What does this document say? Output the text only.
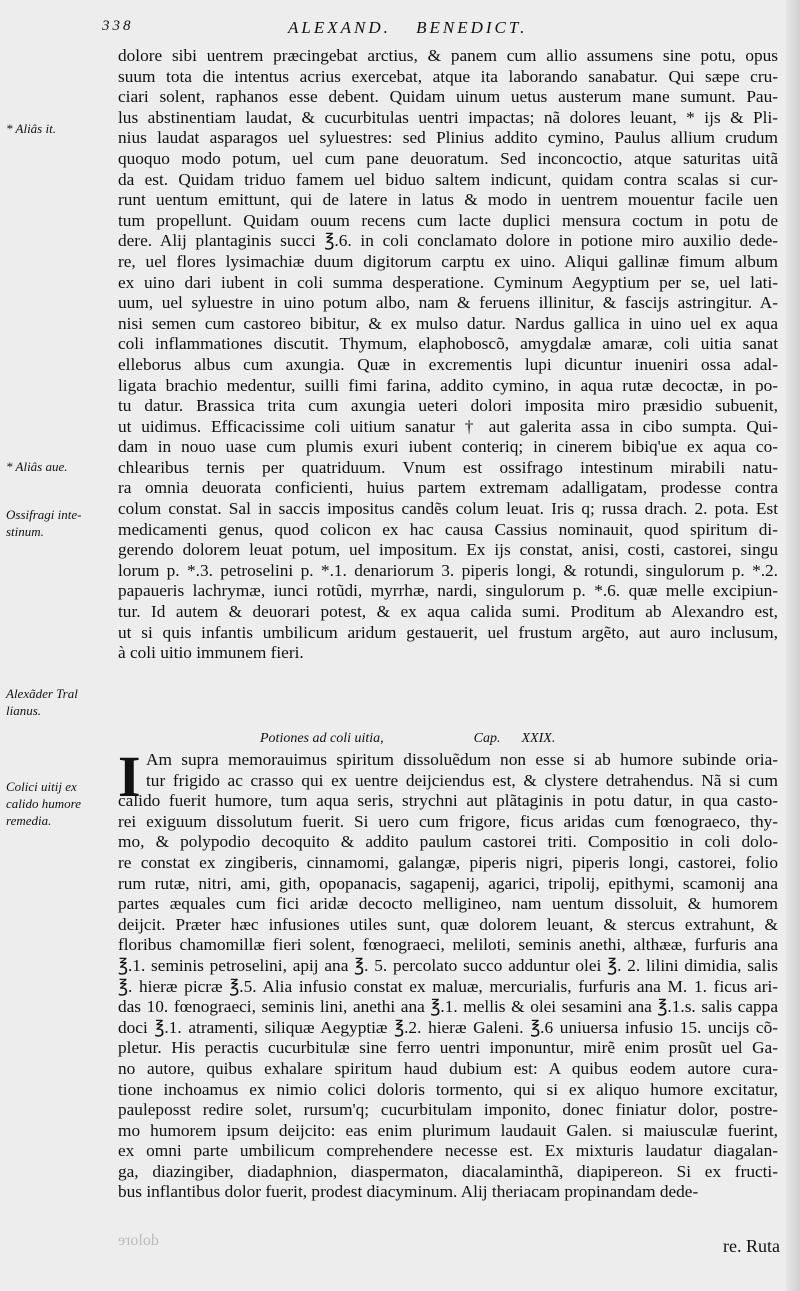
338	ALEXAND. BENEDICT.
dolore sibi uentrem præcingebat arctius, & panem cum allio assumens sine potu, opus
suum tota die intentus acrius exercebat, atque ita laborando sanabatur. Qui sæpe cru-
ciari solent, raphanos esse debent. Quidam uinum uetus austerum mane sumunt. Pau-
lus abstinentiam laudat, & cucurbitulas uentri impactas; nã dolores leuant, * ijs & Pli-
nius laudat asparagos uel syluestres: sed Plinius addito cymino, Paulus allium crudum
quoquo modo potum, uel cum pane deuoratum. Sed inconcoctio, atque saturitas uitã
da est. Quidam triduo famem uel biduo saltem indicunt, quidam contra scalas si cur-
runt uentum emittunt, qui de latere in latus & modo in uentrem mouentur facile uen
tum propellunt. Quidam ouum recens cum lacte duplici mensura coctum in potu de
dere. Alij plantaginis succi ℥.6. in coli conclamato dolore in potione miro auxilio dede-
re, uel flores lysimachiæ duum digitorum carptu ex uino. Aliqui gallinæ fimum album
ex uino dari iubent in coli summa desperatione. Cyminum Aegyptium per se, uel lati-
uum, uel syluestre in uino potum albo, nam & feruens illinitur, & fascijs astringitur. A-
nisi semen cum castoreo bibitur, & ex mulso datur. Nardus gallica in uino uel ex aqua
coli inflammationes discutit. Thymum, elaphoboscõ, amygdalæ amaræ, coli uitia sanat
elleborus albus cum axungia. Quæ in excrementis lupi dicuntur inueniri ossa adal-
ligata brachio medentur, suilli fimi farina, addito cymino, in aqua rutæ decoctæ, in po-
tu datur. Brassica trita cum axungia ueteri dolori imposita miro præsidio subuenit,
ut uidimus. Efficacissime coli uitium sanatur † aut galerita assa in cibo sumpta. Qui-
dam in nouo uase cum plumis exuri iubent conteriq; in cinerem bibiq'ue ex aqua co-
chlearibus ternis per quatriduum. Vnum est ossifrago intestinum mirabili natu-
ra omnia deuorata conficienti, huius partem extremam adalligatam, prodesse contra
colum constat. Sal in saccis impositus candẽs colum leuat. Iris q; russa drach. 2. pota. Est
medicamenti genus, quod colicon ex hac causa Cassius nominauit, quod spiritum di-
gerendo dolorem leuat potum, uel impositum. Ex ijs constat, anisi, costi, castorei, singu
lorum p. *.3. petroselini p. *.1. denariorum 3. piperis longi, & rotundi, singulorum p. *.2.
papaueris lachrymæ, iunci rotũdi, myrrhæ, nardi, singulorum p. *.6. quæ melle excipiun-
tur. Id autem & deuorari potest, & ex aqua calida sumi. Proditum ab Alexandro est,
ut si quis infantis umbilicum aridum gestauerit, uel frustum argẽto, aut auro inclusum,
à coli uitio immunem fieri.
* Aliâs it.
* Aliâs aue.
Ossifragi inte-
stinum.
Alexãder Tral
lianus.
Colici uitij ex
calido humore
remedia.
Potiones ad coli uitia,	Cap. XXIX.
I Am supra memorauimus spiritum dissoluẽdum non esse si ab humore subinde oria-
tur frigido ac crasso qui ex uentre deijciendus est, & clystere detrahendus. Nã si cum
calido fuerit humore, tum aqua seris, strychni aut plãtaginis in potu datur, in qua casto-
rei exiguum dissolutum fuerit. Si uero cum frigore, ficus aridas cum fœnograeco, thy-
mo, & polypodio decoquito & addito paulum castorei triti. Compositio in coli dolo-
re constat ex zingiberis, cinnamomi, galangæ, piperis nigri, piperis longi, castorei, folio
rum rutæ, nitri, ami, gith, opopanacis, sagapenij, agarici, tripolij, epithymi, scamonij ana
partes æquales cum fici aridæ decocto melligineo, nam uentum dissoluit, & humorem
deijcit. Præter hæc infusiones utiles sunt, quæ dolorem leuant, & stercus extrahunt, &
floribus chamomillæ fieri solent, fœnograeci, meliloti, seminis anethi, althææ, furfuris ana
℥.1. seminis petroselini, apij ana ℥. 5. percolato succo adduntur olei ℥. 2. lilini dimidia, salis
℥. hieræ picræ ℥.5. Alia infusio constat ex maluæ, mercurialis, furfuris ana M. 1. ficus ari-
das 10. fœnograeci, seminis lini, anethi ana ℥.1. mellis & olei sesamini ana ℥.1.s. salis cappa
doci ℥.1. atramenti, siliquæ Aegyptiæ ℥.2. hieræ Galeni. ℥.6 uniuersa infusio 15. uncijs cõ-
pletur. His peractis cucurbitulæ sine ferro uentri imponuntur, mirẽ enim prosũt uel Ga-
no autore, quibus exhalare spiritum haud dubium est: A quibus eodem autore cura-
tione inchoamus ex nimio colici doloris tormento, qui si ex aliquo humore excitatur,
pauleposst redire solet, rursum'q; cucurbitulam imponito, donec finiatur dolor, postre-
mo humorem ipsum deijcito: eas enim plurimum laudauit Galen. si maiusculæ fuerint,
ex omni parte umbilicum comprehendere necesse est. Ex mixturis laudatur diagalan-
ga, diazingiber, diadaphnion, diaspermaton, diacalaminthã, diapipereon. Si ex fructi-
bus inflantibus dolor fuerit, prodest diacyminum. Alij theriacam propinandam dede-
dolore	re. Ruta
